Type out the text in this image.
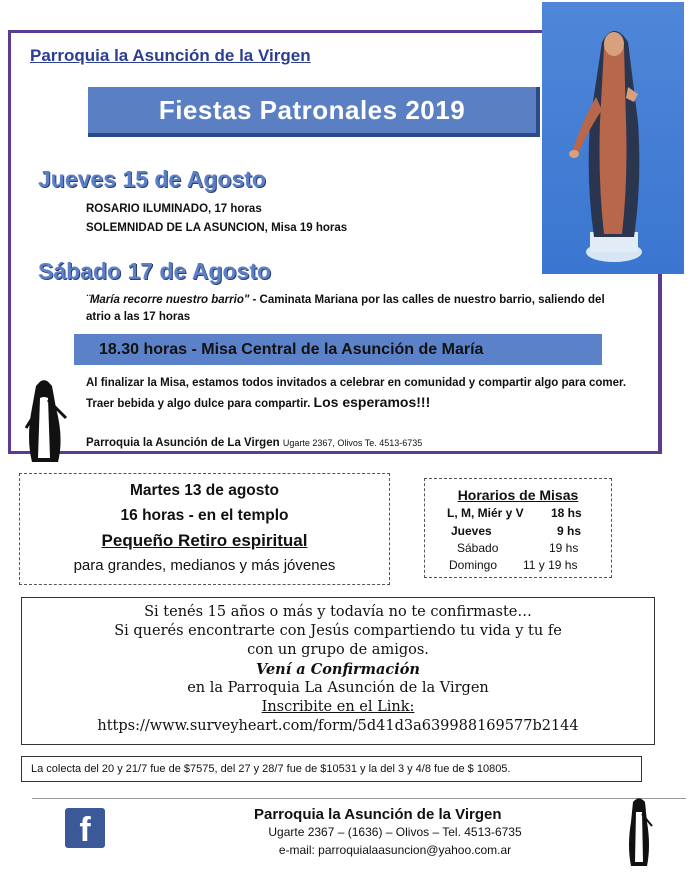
Parroquia la Asunción de la Virgen
Fiestas Patronales 2019
Jueves 15 de Agosto
ROSARIO ILUMINADO, 17 horas
SOLEMNIDAD DE LA ASUNCION, Misa 19 horas
Sábado 17 de Agosto
¨María recorre nuestro barrio" - Caminata Mariana por las calles de nuestro barrio, saliendo del atrio a las 17 horas
18.30 horas - Misa Central de la Asunción de María
Al finalizar la Misa, estamos todos invitados a celebrar en comunidad y compartir algo para comer. Traer bebida y algo dulce para compartir. Los esperamos!!!
Parroquia la Asunción de La Virgen Ugarte 2367, Olivos Te. 4513-6735
Martes 13 de agosto
16 horas - en el templo
Pequeño Retiro espiritual
para grandes, medianos y más jóvenes
Horarios de Misas
L, M, Miér y V 18 hs
Jueves	9 hs
Sábado	19 hs
Domingo 11 y 19 hs
Si tenés 15 años o más y todavía no te confirmaste…
Si querés encontrarte con Jesús compartiendo tu vida y tu fe
con un grupo de amigos.
Vení a Confirmación
en la Parroquia La Asunción de la Virgen
Inscribite en el Link:
https://www.surveyheart.com/form/5d41d3a639988169577b2144
La colecta del 20 y 21/7 fue de $7575, del 27 y 28/7 fue de $10531 y la del 3 y 4/8 fue de $ 10805.
f	Parroquia la Asunción de la Virgen
Ugarte 2367 – (1636) – Olivos – Tel. 4513-6735
e-mail: parroquialaasuncion@yahoo.com.ar
